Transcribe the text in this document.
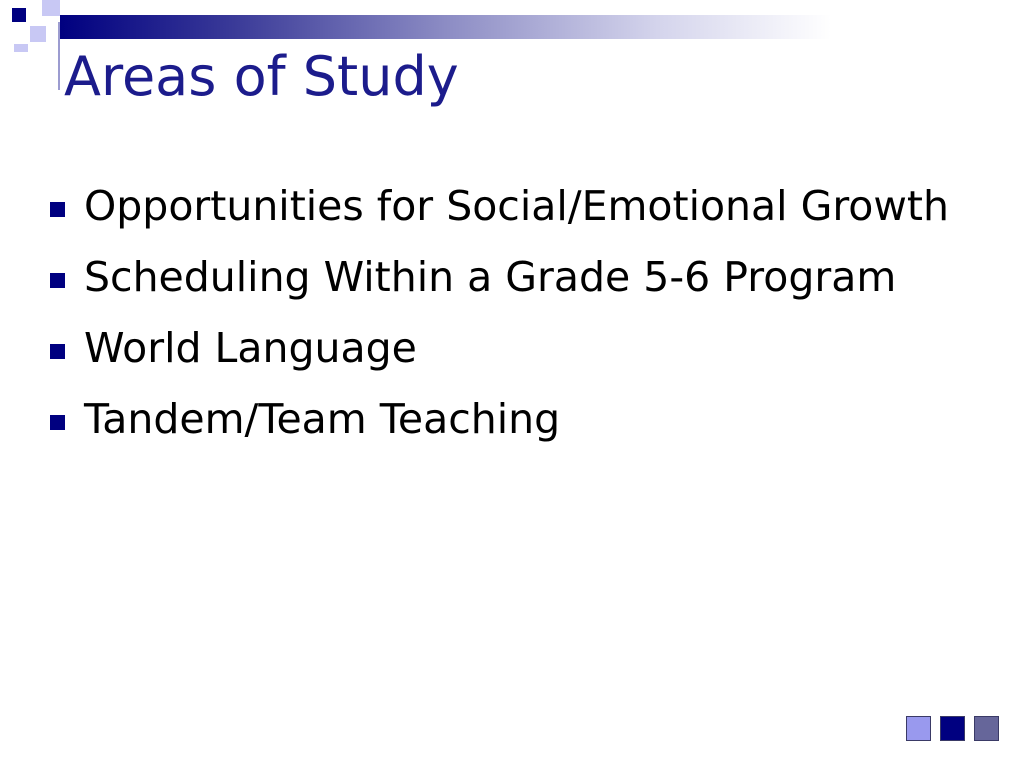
Areas of Study
Opportunities for Social/Emotional Growth
Scheduling Within a Grade 5-6 Program
World Language
Tandem/Team Teaching
